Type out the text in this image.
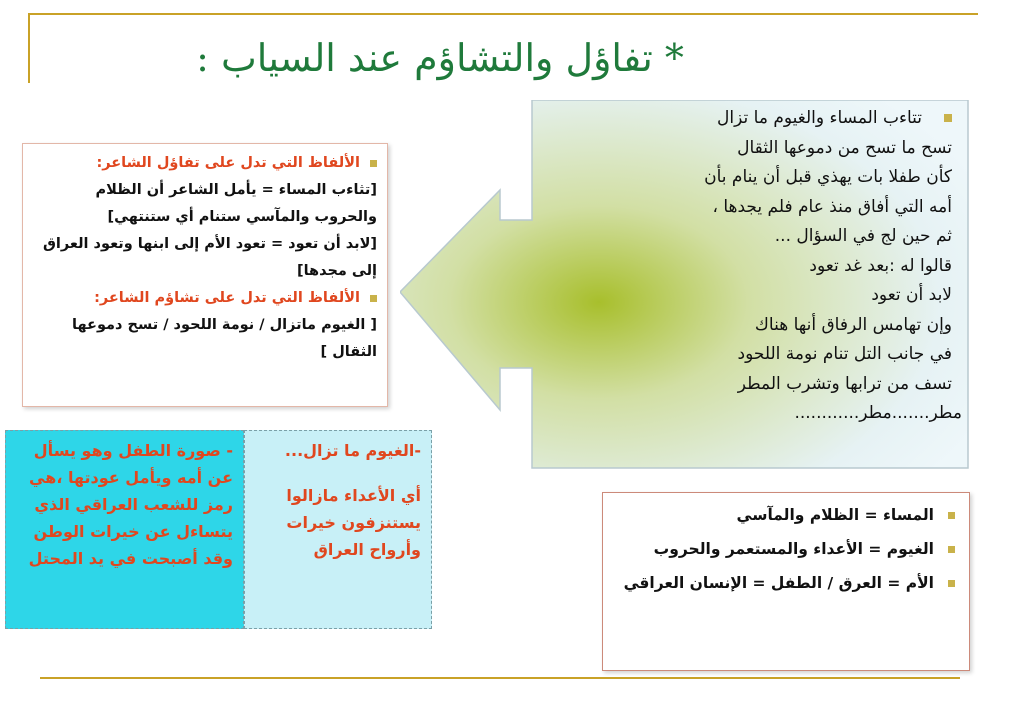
* تفاؤل والتشاؤم عند السياب :
تتاءب المساء والغيوم ما تزال
تسح ما تسح من دموعها الثقال
كأن طفلا بات يهذي قبل أن ينام بأن
أمه التي أفاق منذ عام فلم يجدها ،
ثم حين لج في السؤال ...
قالوا له :بعد غد تعود
لابد أن تعود
وإن تهامس الرفاق أنها هناك
في جانب التل تنام نومة اللحود
تسف من ترابها وتشرب المطر
مطر.......مطر............
الألفاظ التي تدل على تفاؤل الشاعر:
[تثاءب المساء = يأمل الشاعر أن الظلام والحروب والمآسي ستنام أي ستنتهي]
[لابد أن تعود = تعود الأم إلى ابنها وتعود العراق إلى مجدها]
الألفاظ التي تدل على تشاؤم الشاعر:
[ الغيوم ماتزال / نومة اللحود / تسح دموعها الثقال ]
-الغيوم ما تزال...
أي الأعداء مازالوا يستنزفون خيرات وأرواح العراق
- صورة الطفل وهو يسأل عن أمه ويأمل عودتها ،هي رمز للشعب العراقي الذي يتساءل عن خيرات الوطن وقد أصبحت في يد المحتل
المساء = الظلام والمآسي
الغيوم = الأعداء والمستعمر والحروب
الأم = العرق / الطفل = الإنسان العراقي
